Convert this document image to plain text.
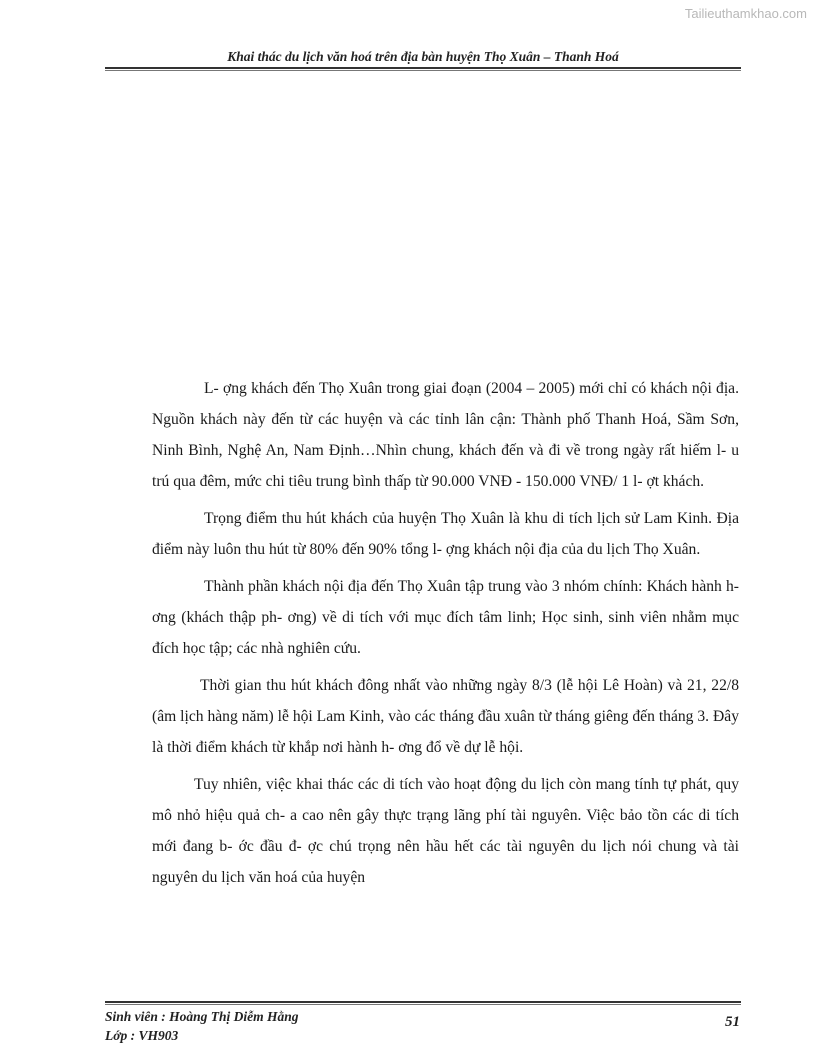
Tailieuthamkhao.com
Khai thác du lịch văn hoá trên địa bàn huyện Thọ Xuân – Thanh Hoá

L- ợng khách đến Thọ Xuân trong giai đoạn (2004 – 2005) mới chỉ có khách nội địa. Nguồn khách này đến từ các huyện và các tỉnh lân cận: Thành phố Thanh Hoá, Sầm Sơn, Ninh Bình, Nghệ An, Nam Định…Nhìn chung, khách đến và đi về trong ngày rất hiếm l- u trú qua đêm, mức chi tiêu trung bình thấp từ 90.000 VNĐ - 150.000 VNĐ/ 1 l- ợt khách.

Trọng điểm thu hút khách của huyện Thọ Xuân là khu di tích lịch sử Lam Kinh. Địa điểm này luôn thu hút từ 80% đến 90% tổng l- ợng khách nội địa của du lịch Thọ Xuân.

Thành phần khách nội địa đến Thọ Xuân tập trung vào 3 nhóm chính: Khách hành h- ơng (khách thập ph- ơng) về di tích với mục đích tâm linh; Học sinh, sinh viên nhằm mục đích học tập; các nhà nghiên cứu.

Thời gian thu hút khách đông nhất vào những ngày 8/3 (lễ hội Lê Hoàn) và 21, 22/8 (âm lịch hàng năm) lễ hội Lam Kinh, vào các tháng đầu xuân từ tháng giêng đến tháng 3. Đây là thời điểm khách từ khắp nơi hành h- ơng đổ về dự lễ hội.

Tuy nhiên, việc khai thác các di tích vào hoạt động du lịch còn mang tính tự phát, quy mô nhỏ hiệu quả ch- a cao nên gây thực trạng lãng phí tài nguyên. Việc bảo tồn các di tích mới đang b- ớc đầu đ- ợc chú trọng nên hầu hết các tài nguyên du lịch nói chung và tài nguyên du lịch văn hoá của huyện

Sinh viên : Hoàng Thị Diễm Hằng
Lớp : VH903
51
